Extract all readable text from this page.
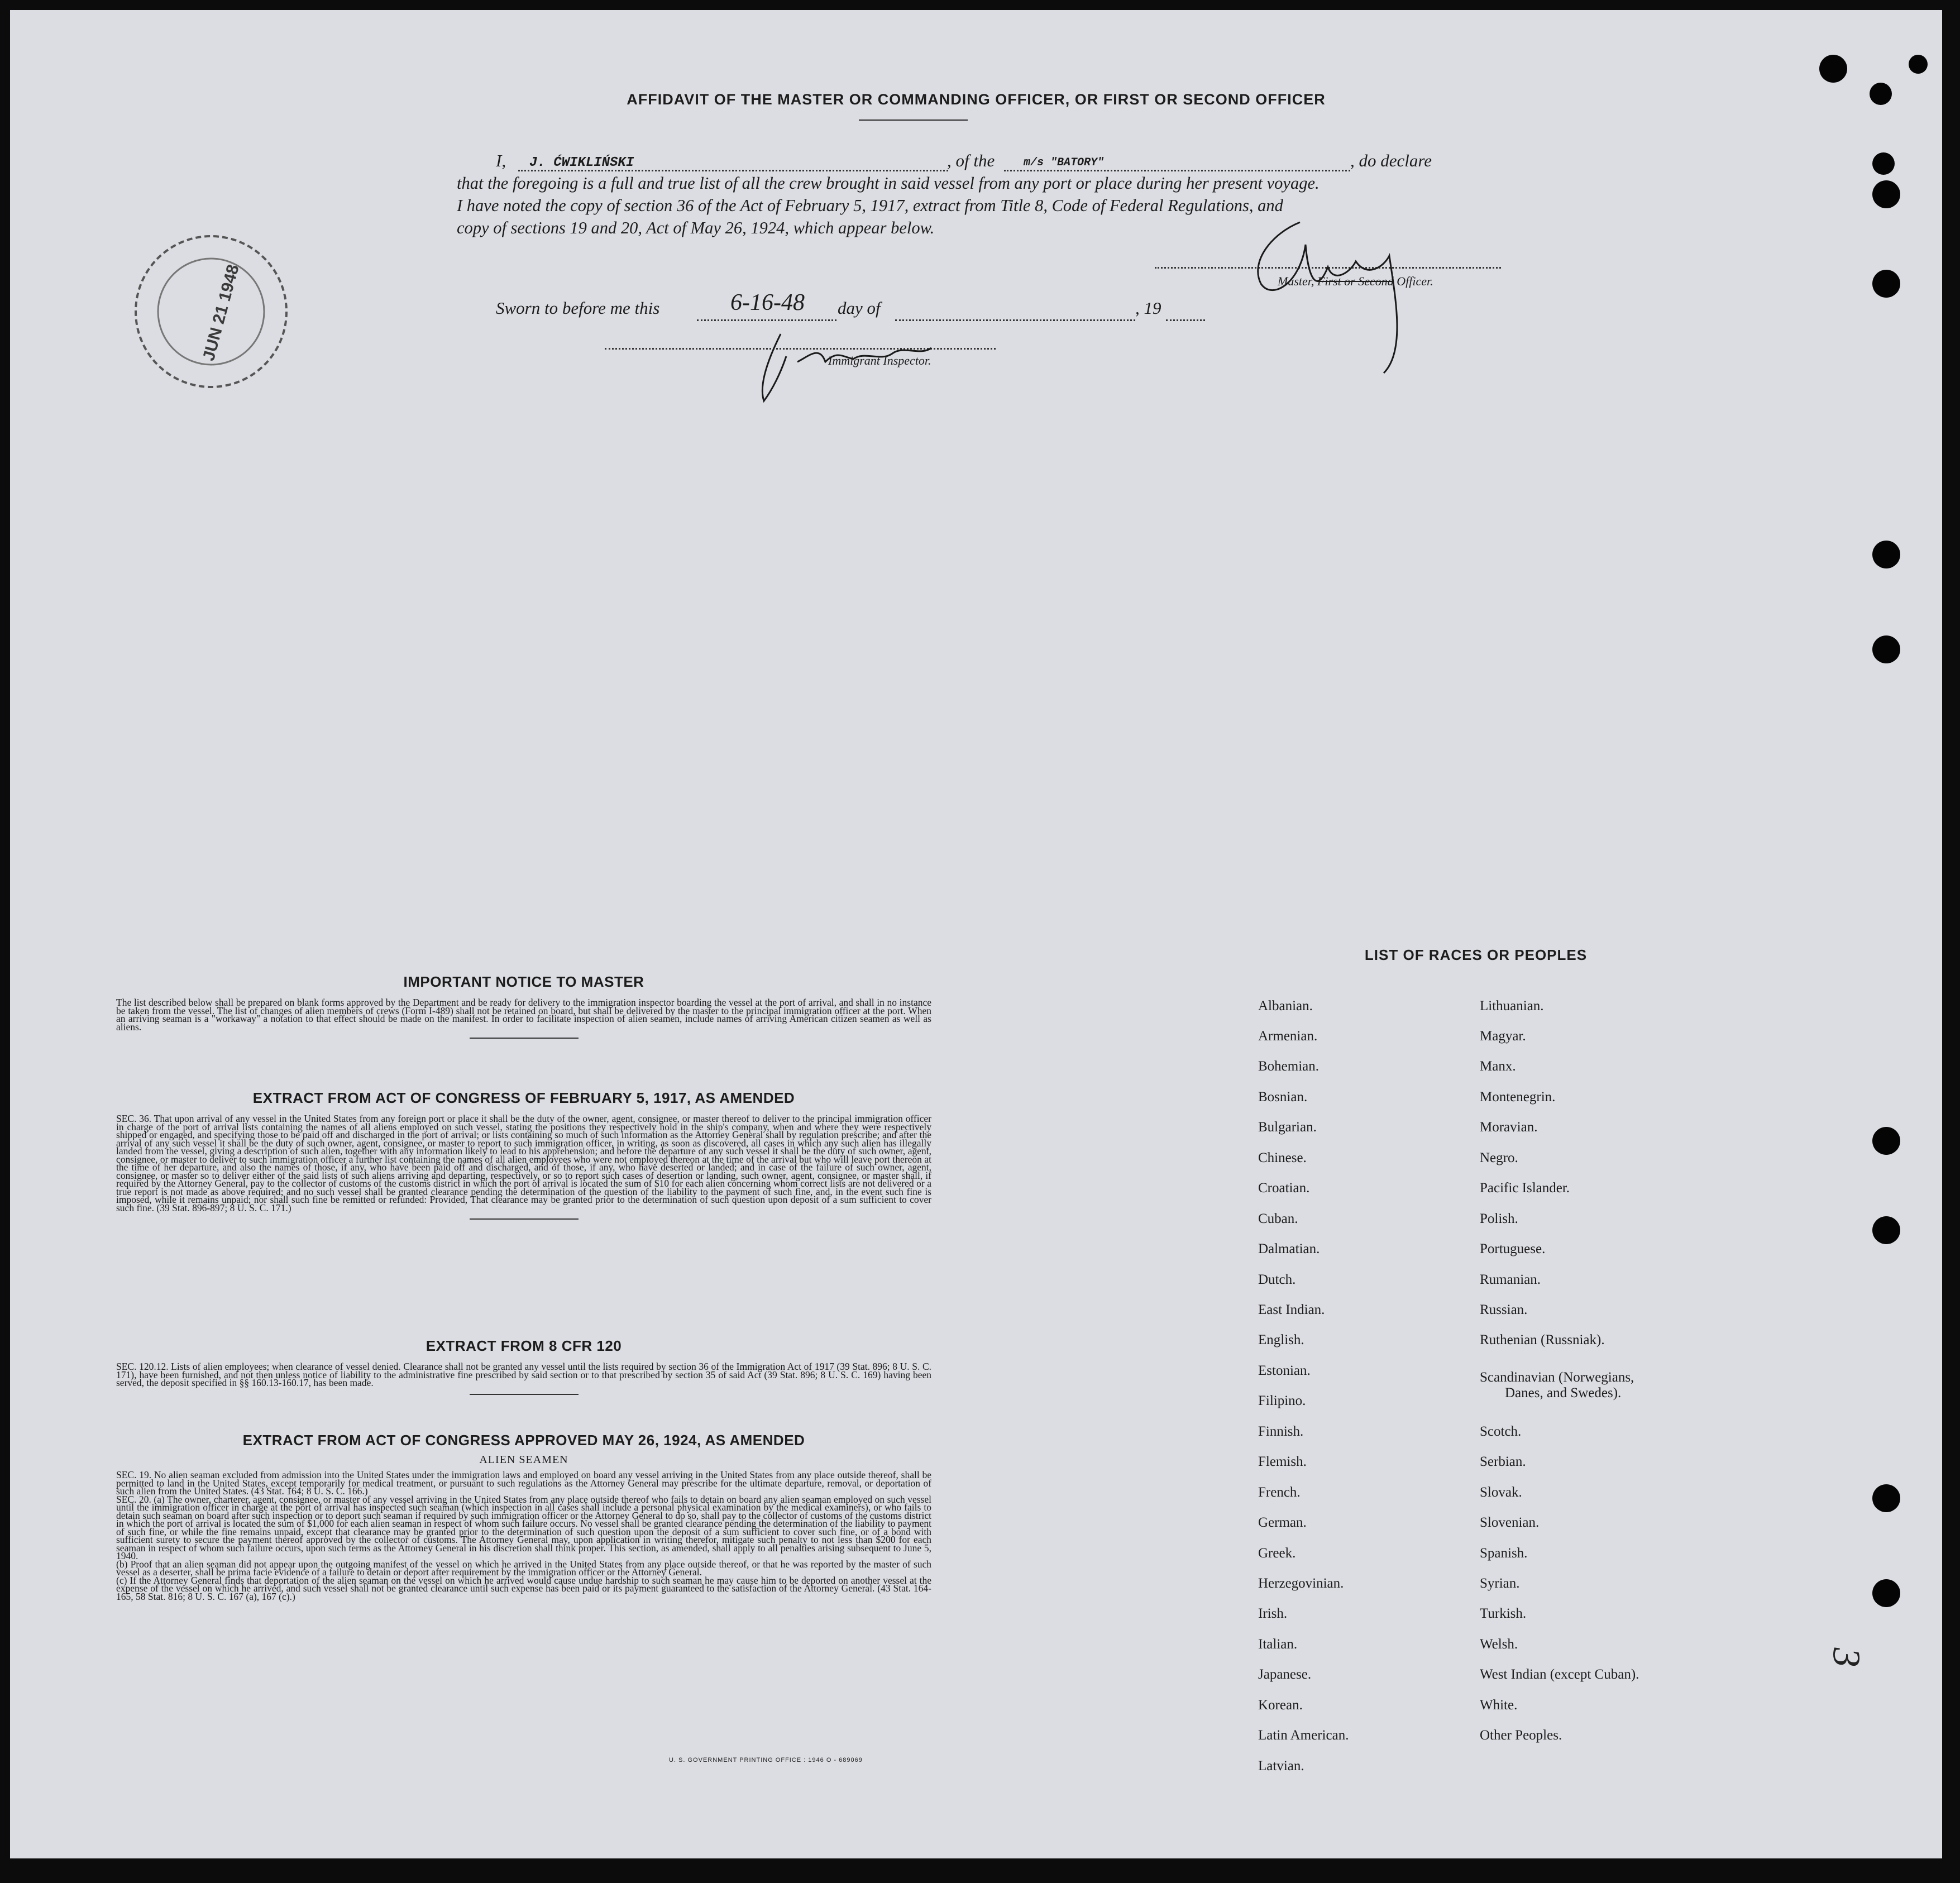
AFFIDAVIT OF THE MASTER OR COMMANDING OFFICER, OR FIRST OR SECOND OFFICER
I, J. ĆWIKLIŃSKI	, of the	m/s "BATORY"	, do declare
that the foregoing is a full and true list of all the crew brought in said vessel from any port or place during her present voyage.
I have noted the copy of section 36 of the Act of February 5, 1917, extract from Title 8, Code of Federal Regulations, and
copy of sections 19 and 20, Act of May 26, 1924, which appear below.
Master, First or Second Officer.
Sworn to before me this	6-16-48 day of	, 19
Immigrant Inspector.
JUN 21 1948
IMPORTANT NOTICE TO MASTER
The list described below shall be prepared on blank forms approved by the Department and be ready for delivery to the immigration inspector boarding the vessel at the port of arrival, and shall in no instance be taken from the vessel. The list of changes of alien members of crews (Form I-489) shall not be retained on board, but shall be delivered by the master to the principal immigration officer at the port. When an arriving seaman is a "workaway" a notation to that effect should be made on the manifest. In order to facilitate inspection of alien seamen, include names of arriving American citizen seamen as well as aliens.
EXTRACT FROM ACT OF CONGRESS OF FEBRUARY 5, 1917, AS AMENDED
SEC. 36. That upon arrival of any vessel in the United States from any foreign port or place it shall be the duty of the owner, agent, consignee, or master thereof to deliver to the principal immigration officer in charge of the port of arrival lists containing the names of all aliens employed on such vessel, stating the positions they respectively hold in the ship's company, when and where they were respectively shipped or engaged, and specifying those to be paid off and discharged in the port of arrival; or lists containing so much of such information as the Attorney General shall by regulation prescribe; and after the arrival of any such vessel it shall be the duty of such owner, agent, consignee, or master to report to such immigration officer, in writing, as soon as discovered, all cases in which any such alien has illegally landed from the vessel, giving a description of such alien, together with any information likely to lead to his apprehension; and before the departure of any such vessel it shall be the duty of such owner, agent, consignee, or master to deliver to such immigration officer a further list containing the names of all alien employees who were not employed thereon at the time of the arrival but who will leave port thereon at the time of her departure, and also the names of those, if any, who have been paid off and discharged, and of those, if any, who have deserted or landed; and in case of the failure of such owner, agent, consignee, or master so to deliver either of the said lists of such aliens arriving and departing, respectively, or so to report such cases of desertion or landing, such owner, agent, consignee, or master shall, if required by the Attorney General, pay to the collector of customs of the customs district in which the port of arrival is located the sum of $10 for each alien concerning whom correct lists are not delivered or a true report is not made as above required; and no such vessel shall be granted clearance pending the determination of the question of the liability to the payment of such fine, and, in the event such fine is imposed, while it remains unpaid; nor shall such fine be remitted or refunded: Provided, That clearance may be granted prior to the determination of such question upon deposit of a sum sufficient to cover such fine. (39 Stat. 896-897; 8 U. S. C. 171.)
EXTRACT FROM 8 CFR 120
SEC. 120.12. Lists of alien employees; when clearance of vessel denied. Clearance shall not be granted any vessel until the lists required by section 36 of the Immigration Act of 1917 (39 Stat. 896; 8 U. S. C. 171), have been furnished, and not then unless notice of liability to the administrative fine prescribed by said section or to that prescribed by section 35 of said Act (39 Stat. 896; 8 U. S. C. 169) having been served, the deposit specified in §§ 160.13-160.17, has been made.
EXTRACT FROM ACT OF CONGRESS APPROVED MAY 26, 1924, AS AMENDED
ALIEN SEAMEN
SEC. 19. No alien seaman excluded from admission into the United States under the immigration laws and employed on board any vessel arriving in the United States from any place outside thereof, shall be permitted to land in the United States, except temporarily for medical treatment, or pursuant to such regulations as the Attorney General may prescribe for the ultimate departure, removal, or deportation of such alien from the United States. (43 Stat. 164; 8 U. S. C. 166.)
SEC. 20. (a) The owner, charterer, agent, consignee, or master of any vessel arriving in the United States from any place outside thereof who fails to detain on board any alien seaman employed on such vessel until the immigration officer in charge at the port of arrival has inspected such seaman (which inspection in all cases shall include a personal physical examination by the medical examiners), or who fails to detain such seaman on board after such inspection or to deport such seaman if required by such immigration officer or the Attorney General to do so, shall pay to the collector of customs of the customs district in which the port of arrival is located the sum of $1,000 for each alien seaman in respect of whom such failure occurs. No vessel shall be granted clearance pending the determination of the liability to payment of such fine, or while the fine remains unpaid, except that clearance may be granted prior to the determination of such question upon the deposit of a sum sufficient to cover such fine, or of a bond with sufficient surety to secure the payment thereof approved by the collector of customs. The Attorney General may, upon application in writing therefor, mitigate such penalty to not less than $200 for each seaman in respect of whom such failure occurs, upon such terms as the Attorney General in his discretion shall think proper. This section, as amended, shall apply to all penalties arising subsequent to June 5, 1940.
(b) Proof that an alien seaman did not appear upon the outgoing manifest of the vessel on which he arrived in the United States from any place outside thereof, or that he was reported by the master of such vessel as a deserter, shall be prima facie evidence of a failure to detain or deport after requirement by the immigration officer or the Attorney General.
(c) If the Attorney General finds that deportation of the alien seaman on the vessel on which he arrived would cause undue hardship to such seaman he may cause him to be deported on another vessel at the expense of the vessel on which he arrived, and such vessel shall not be granted clearance until such expense has been paid or its payment guaranteed to the satisfaction of the Attorney General. (43 Stat. 164-165, 58 Stat. 816; 8 U. S. C. 167 (a), 167 (c).)
U. S. GOVERNMENT PRINTING OFFICE : 1946 O - 689069
LIST OF RACES OR PEOPLES
Albanian.
Armenian.
Bohemian.
Bosnian.
Bulgarian.
Chinese.
Croatian.
Cuban.
Dalmatian.
Dutch.
East Indian.
English.
Estonian.
Filipino.
Finnish.
Flemish.
French.
German.
Greek.
Herzegovinian.
Irish.
Italian.
Japanese.
Korean.
Latin American.
Latvian.
Lithuanian.
Magyar.
Manx.
Montenegrin.
Moravian.
Negro.
Pacific Islander.
Polish.
Portuguese.
Rumanian.
Russian.
Ruthenian (Russniak).
Scandinavian (Norwegians,
Danes, and Swedes).
Scotch.
Serbian.
Slovak.
Slovenian.
Spanish.
Syrian.
Turkish.
Welsh.
West Indian (except Cuban).
White.
Other Peoples.
3
